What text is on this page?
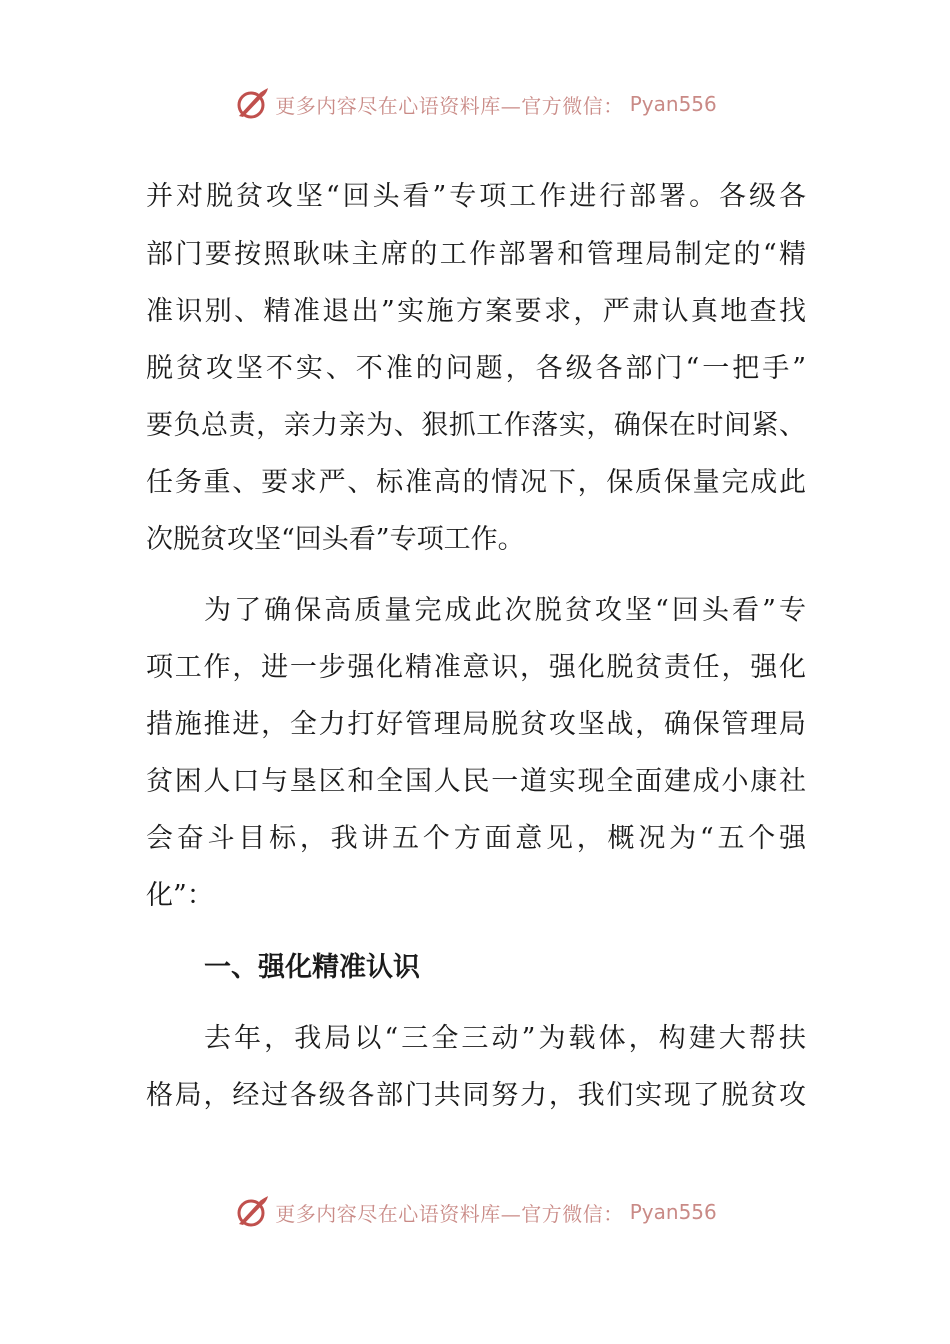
更多内容尽在心语资料库—官方微信： Pyan556
并对脱贫攻坚“回头看”专项工作进行部署。各级各
部门要按照耿味主席的工作部署和管理局制定的“精
准识别、精准退出”实施方案要求，严肃认真地查找
脱贫攻坚不实、不准的问题，各级各部门“一把手”
要负总责，亲力亲为、狠抓工作落实，确保在时间紧、
任务重、要求严、标准高的情况下，保质保量完成此
次脱贫攻坚“回头看”专项工作。
为了确保高质量完成此次脱贫攻坚“回头看”专
项工作，进一步强化精准意识，强化脱贫责任，强化
措施推进，全力打好管理局脱贫攻坚战，确保管理局
贫困人口与垦区和全国人民一道实现全面建成小康社
会奋斗目标，我讲五个方面意见，概况为“五个强
化”：
一、强化精准认识
去年，我局以“三全三动”为载体，构建大帮扶
格局，经过各级各部门共同努力，我们实现了脱贫攻
更多内容尽在心语资料库—官方微信： Pyan556
